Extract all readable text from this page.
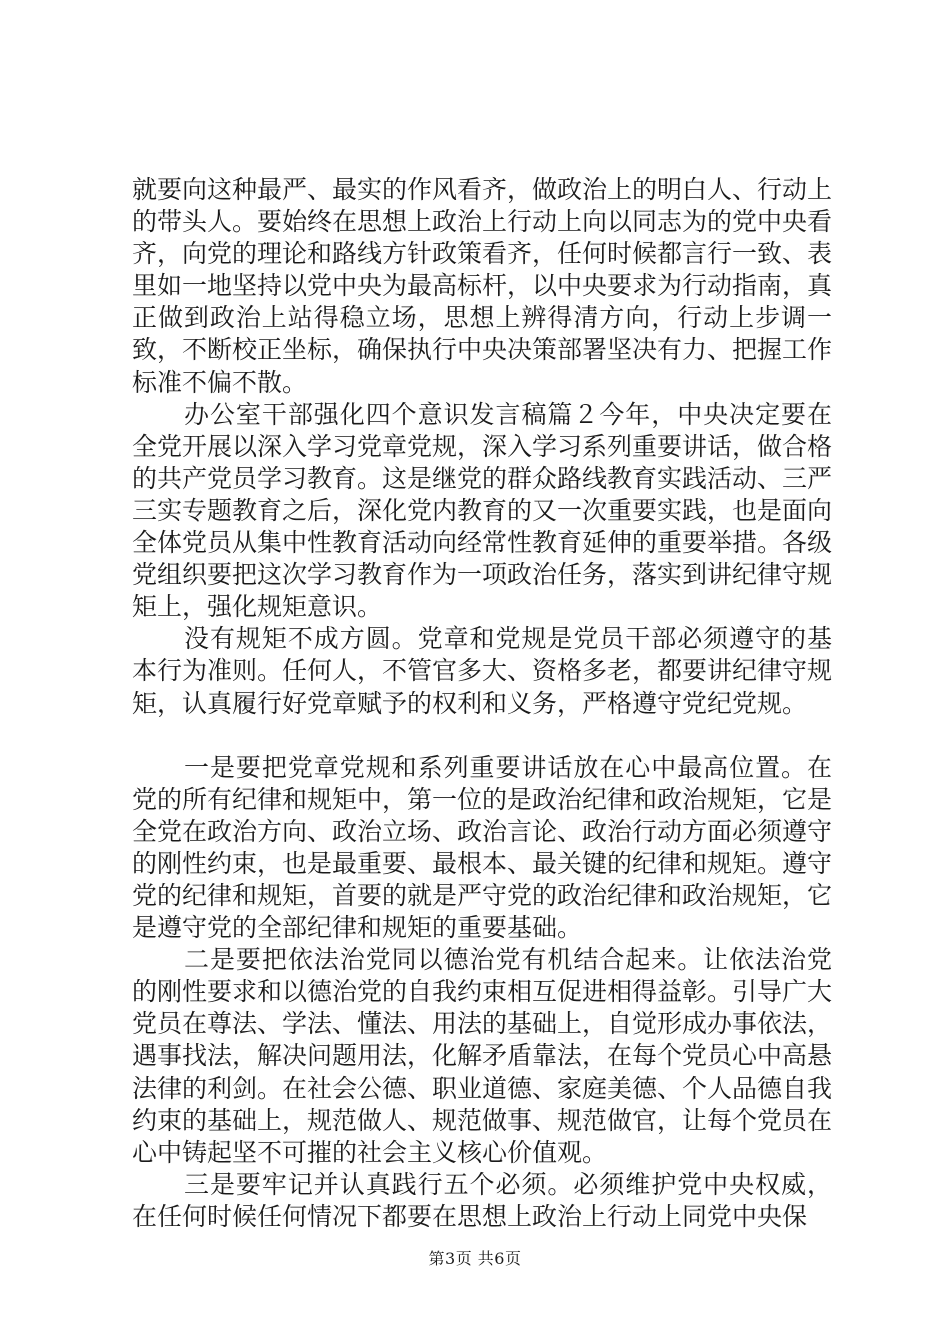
就要向这种最严、最实的作风看齐，做政治上的明白人、行动上的带头人。要始终在思想上政治上行动上向以同志为的党中央看齐，向党的理论和路线方针政策看齐，任何时候都言行一致、表里如一地坚持以党中央为最高标杆，以中央要求为行动指南，真正做到政治上站得稳立场，思想上辨得清方向，行动上步调一致，不断校正坐标，确保执行中央决策部署坚决有力、把握工作标准不偏不散。

办公室干部强化四个意识发言稿篇２今年，中央决定要在全党开展以深入学习党章党规，深入学习系列重要讲话，做合格的共产党员学习教育。这是继党的群众路线教育实践活动、三严三实专题教育之后，深化党内教育的又一次重要实践，也是面向全体党员从集中性教育活动向经常性教育延伸的重要举措。各级党组织要把这次学习教育作为一项政治任务，落实到讲纪律守规矩上，强化规矩意识。

没有规矩不成方圆。党章和党规是党员干部必须遵守的基本行为准则。任何人，不管官多大、资格多老，都要讲纪律守规矩，认真履行好党章赋予的权利和义务，严格遵守党纪党规。

一是要把党章党规和系列重要讲话放在心中最高位置。在党的所有纪律和规矩中，第一位的是政治纪律和政治规矩，它是全党在政治方向、政治立场、政治言论、政治行动方面必须遵守的刚性约束，也是最重要、最根本、最关键的纪律和规矩。遵守党的纪律和规矩，首要的就是严守党的政治纪律和政治规矩，它是遵守党的全部纪律和规矩的重要基础。

二是要把依法治党同以德治党有机结合起来。让依法治党的刚性要求和以德治党的自我约束相互促进相得益彰。引导广大党员在尊法、学法、懂法、用法的基础上，自觉形成办事依法，遇事找法，解决问题用法，化解矛盾靠法，在每个党员心中高悬法律的利剑。在社会公德、职业道德、家庭美德、个人品德自我约束的基础上，规范做人、规范做事、规范做官，让每个党员在心中铸起坚不可摧的社会主义核心价值观。

三是要牢记并认真践行五个必须。必须维护党中央权威，在任何时候任何情况下都要在思想上政治上行动上同党中央保

第3页 共6页
